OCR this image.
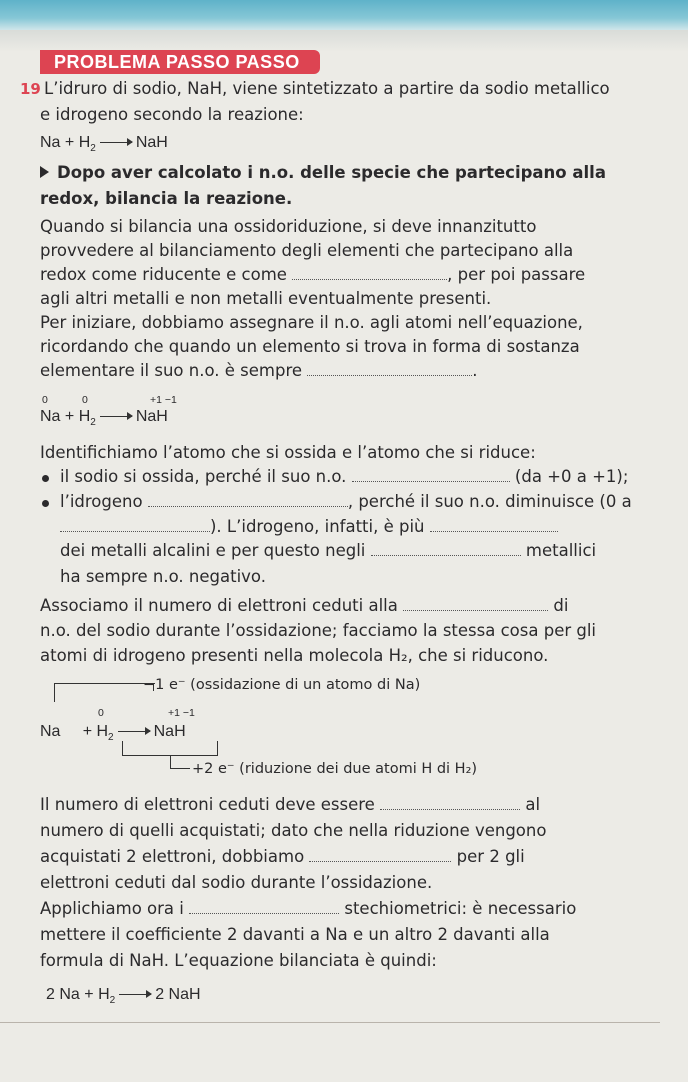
PROBLEMA PASSO PASSO
19 L’idruro di sodio, NaH, viene sintetizzato a partire da sodio metallico
e idrogeno secondo la reazione:
$Na + H_2$ → NaH
Dopo aver calcolato i n.o. delle specie che partecipano alla
redox, bilancia la reazione.
Quando si bilancia una ossidoriduzione, si deve innanzitutto
provvedere al bilanciamento degli elementi che partecipano alla
redox come riducente e come	, per poi passare
agli altri metalli e non metalli eventualmente presenti.
Per iniziare, dobbiamo assegnare il n.o. agli atomi nell’equazione,
ricordando che quando un elemento si trova in forma di sostanza
elementare il suo n.o. è sempre	.
0	0	+1 −1
$Na + H_2$ → NaH
Identifichiamo l’atomo che si ossida e l’atomo che si riduce:
il sodio si ossida, perché il suo n.o.	(da +0 a +1);
l’idrogeno	, perché il suo n.o. diminuisce (0 a
). L’idrogeno, infatti, è più
dei metalli alcalini e per questo negli	metallici
ha sempre n.o. negativo.
Associamo il numero di elettroni ceduti alla	di
n.o. del sodio durante l’ossidazione; facciamo la stessa cosa per gli
atomi di idrogeno presenti nella molecola H₂, che si riducono.
−1 e⁻ (ossidazione di un atomo di Na)
0	+1 −1
$Na + H_2$ → NaH
+2 e⁻ (riduzione dei due atomi H di H₂)
Il numero di elettroni ceduti deve essere	al
numero di quelli acquistati; dato che nella riduzione vengono
acquistati 2 elettroni, dobbiamo	per 2 gli
elettroni ceduti dal sodio durante l’ossidazione.
Applichiamo ora i	stechiometrici: è necessario
mettere il coefficiente 2 davanti a Na e un altro 2 davanti alla
formula di NaH. L’equazione bilanciata è quindi:
2 $Na + H_2 \to 2$ NaH
